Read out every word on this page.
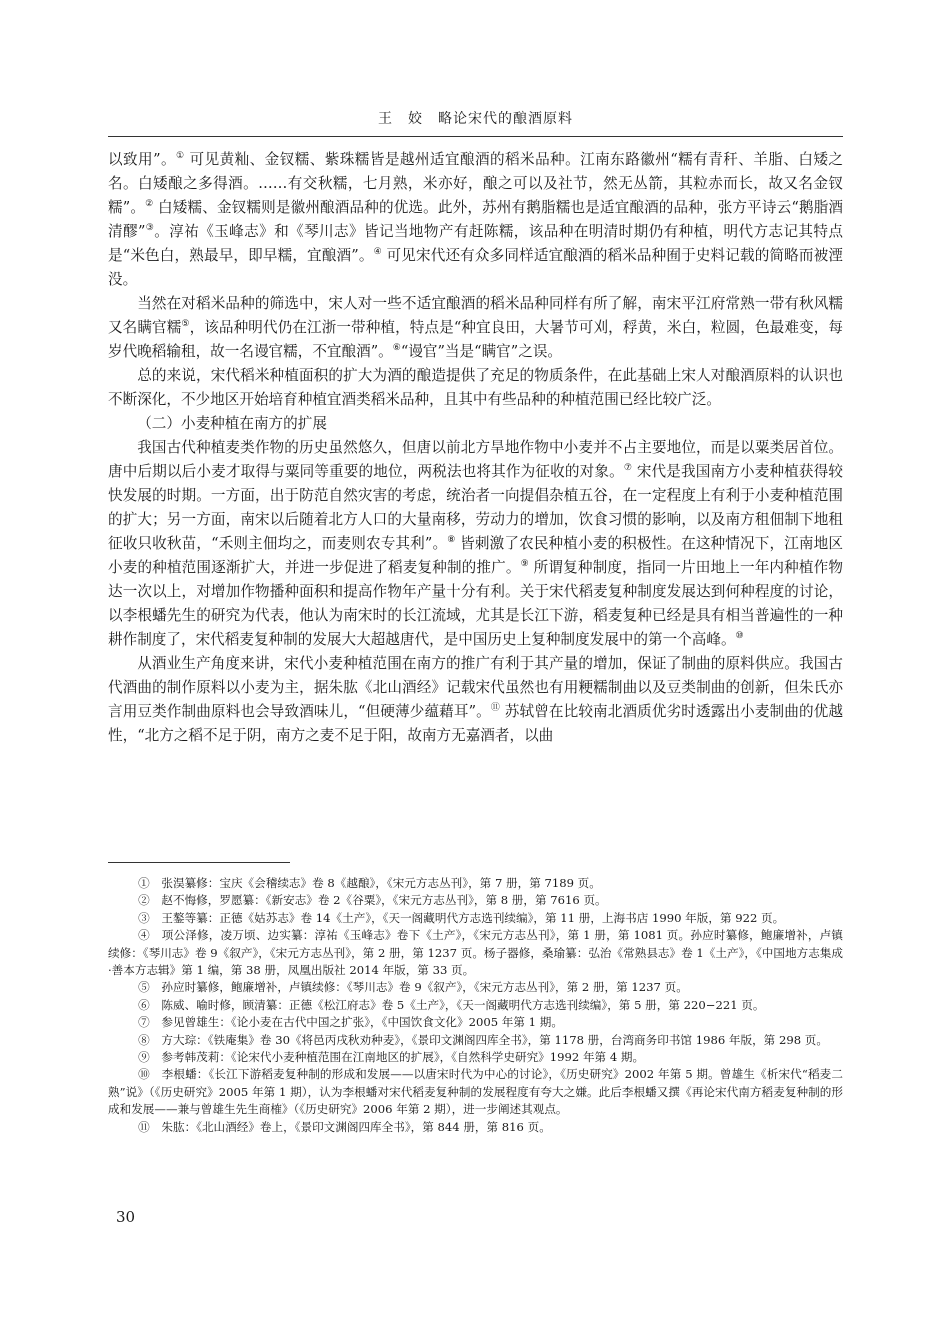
王　姣　略论宋代的酿酒原料

以致用”。① 可见黄籼、金钗糯、紫珠糯皆是越州适宜酿酒的稻米品种。江南东路徽州“糯有青秆、羊脂、白矮之名。白矮酿之多得酒。……有交秋糯，七月熟，米亦好，酿之可以及社节，然无丛箭，其粒赤而长，故又名金钗糯”。② 白矮糯、金钗糯则是徽州酿酒品种的优选。此外，苏州有鹅脂糯也是适宜酿酒的品种，张方平诗云“鹅脂酒清醪”③。淳祐《玉峰志》和《琴川志》皆记当地物产有赶陈糯，该品种在明清时期仍有种植，明代方志记其特点是“米色白，熟最早，即早糯，宜酿酒”。④ 可见宋代还有众多同样适宜酿酒的稻米品种囿于史料记载的简略而被湮没。

当然在对稻米品种的筛选中，宋人对一些不适宜酿酒的稻米品种同样有所了解，南宋平江府常熟一带有秋风糯又名瞒官糯⑤，该品种明代仍在江浙一带种植，特点是“种宜良田，大暑节可刈，稃黄，米白，粒圆，色最难变，每岁代晚稻输租，故一名谩官糯，不宜酿酒”。⑥“谩官”当是“瞒官”之误。

总的来说，宋代稻米种植面积的扩大为酒的酿造提供了充足的物质条件，在此基础上宋人对酿酒原料的认识也不断深化，不少地区开始培育种植宜酒类稻米品种，且其中有些品种的种植范围已经比较广泛。

（二）小麦种植在南方的扩展

我国古代种植麦类作物的历史虽然悠久，但唐以前北方旱地作物中小麦并不占主要地位，而是以粟类居首位。唐中后期以后小麦才取得与粟同等重要的地位，两税法也将其作为征收的对象。⑦ 宋代是我国南方小麦种植获得较快发展的时期。一方面，出于防范自然灾害的考虑，统治者一向提倡杂植五谷，在一定程度上有利于小麦种植范围的扩大；另一方面，南宋以后随着北方人口的大量南移，劳动力的增加，饮食习惯的影响，以及南方租佃制下地租征收只收秋苗，“禾则主佃均之，而麦则农专其利”。⑧ 皆刺激了农民种植小麦的积极性。在这种情况下，江南地区小麦的种植范围逐渐扩大，并进一步促进了稻麦复种制的推广。⑨ 所谓复种制度，指同一片田地上一年内种植作物达一次以上，对增加作物播种面积和提高作物年产量十分有利。关于宋代稻麦复种制度发展达到何种程度的讨论，以李根蟠先生的研究为代表，他认为南宋时的长江流域，尤其是长江下游，稻麦复种已经是具有相当普遍性的一种耕作制度了，宋代稻麦复种制的发展大大超越唐代，是中国历史上复种制度发展中的第一个高峰。⑩

从酒业生产角度来讲，宋代小麦种植范围在南方的推广有利于其产量的增加，保证了制曲的原料供应。我国古代酒曲的制作原料以小麦为主，据朱肱《北山酒经》记载宋代虽然也有用粳糯制曲以及豆类制曲的创新，但朱氏亦言用豆类作制曲原料也会导致酒味儿，“但硬薄少蕴藉耳”。⑪ 苏轼曾在比较南北酒质优劣时透露出小麦制曲的优越性，“北方之稻不足于阴，南方之麦不足于阳，故南方无嘉酒者，以曲

①　 张淏纂修：宝庆《会稽续志》卷 8《越酿》，《宋元方志丛刊》，第 7 册，第 7189 页。

②　 赵不悔修，罗愿纂：《新安志》卷 2《谷粟》，《宋元方志丛刊》，第 8 册，第 7616 页。

③　 王鏊等纂：正德《姑苏志》卷 14《土产》，《天一阁藏明代方志选刊续编》，第 11 册，上海书店 1990 年版，第 922 页。

④　 项公泽修，凌万顷、边实纂：淳祐《玉峰志》卷下《土产》，《宋元方志丛刊》，第 1 册，第 1081 页。孙应时纂修，鲍廉增补，卢镇续修：《琴川志》卷 9《叙产》，《宋元方志丛刊》，第 2 册，第 1237 页。杨子器修，桑瑜纂：弘治《常熟县志》卷 1《土产》，《中国地方志集成·善本方志辑》第 1 编，第 38 册，凤凰出版社 2014 年版，第 33 页。

⑤　 孙应时纂修，鲍廉增补，卢镇续修：《琴川志》卷 9《叙产》，《宋元方志丛刊》，第 2 册，第 1237 页。

⑥　 陈威、喻时修，顾清纂：正德《松江府志》卷 5《土产》，《天一阁藏明代方志选刊续编》，第 5 册，第 220−221 页。

⑦　 参见曾雄生：《论小麦在古代中国之扩张》，《中国饮食文化》2005 年第 1 期。

⑧　 方大琮：《铁庵集》卷 30《将邑丙戌秋劝种麦》，《景印文渊阁四库全书》，第 1178 册，台湾商务印书馆 1986 年版，第 298 页。

⑨　 参考韩茂莉：《论宋代小麦种植范围在江南地区的扩展》，《自然科学史研究》1992 年第 4 期。

⑩　 李根蟠：《长江下游稻麦复种制的形成和发展——以唐宋时代为中心的讨论》，《历史研究》2002 年第 5 期。曾雄生《析宋代“稻麦二熟”说》（《历史研究》2005 年第 1 期），认为李根蟠对宋代稻麦复种制的发展程度有夸大之嫌。此后李根蟠又撰《再论宋代南方稻麦复种制的形成和发展——兼与曾雄生先生商榷》（《历史研究》2006 年第 2 期），进一步阐述其观点。

⑪　 朱肱：《北山酒经》卷上，《景印文渊阁四库全书》，第 844 册，第 816 页。

30
